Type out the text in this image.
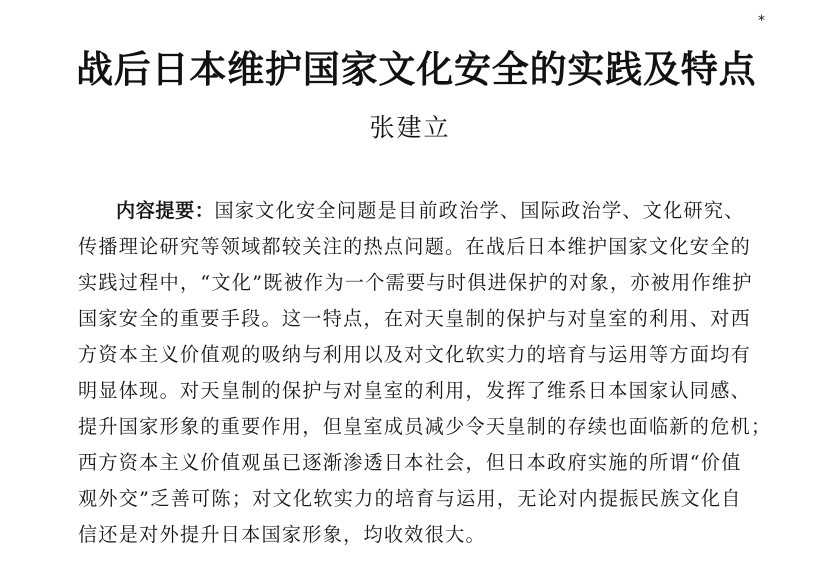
战后日本维护国家文化安全的实践及特点
*
张建立
内容提要：国家文化安全问题是目前政治学、国际政治学、文化研究、
传播理论研究等领域都较关注的热点问题。在战后日本维护国家文化安全的
实践过程中，“文化”既被作为一个需要与时俱进保护的对象，亦被用作维护
国家安全的重要手段。这一特点，在对天皇制的保护与对皇室的利用、对西
方资本主义价值观的吸纳与利用以及对文化软实力的培育与运用等方面均有
明显体现。对天皇制的保护与对皇室的利用，发挥了维系日本国家认同感、
提升国家形象的重要作用，但皇室成员减少令天皇制的存续也面临新的危机；
西方资本主义价值观虽已逐渐渗透日本社会，但日本政府实施的所谓“价值
观外交”乏善可陈；对文化软实力的培育与运用，无论对内提振民族文化自
信还是对外提升日本国家形象，均收效很大。
